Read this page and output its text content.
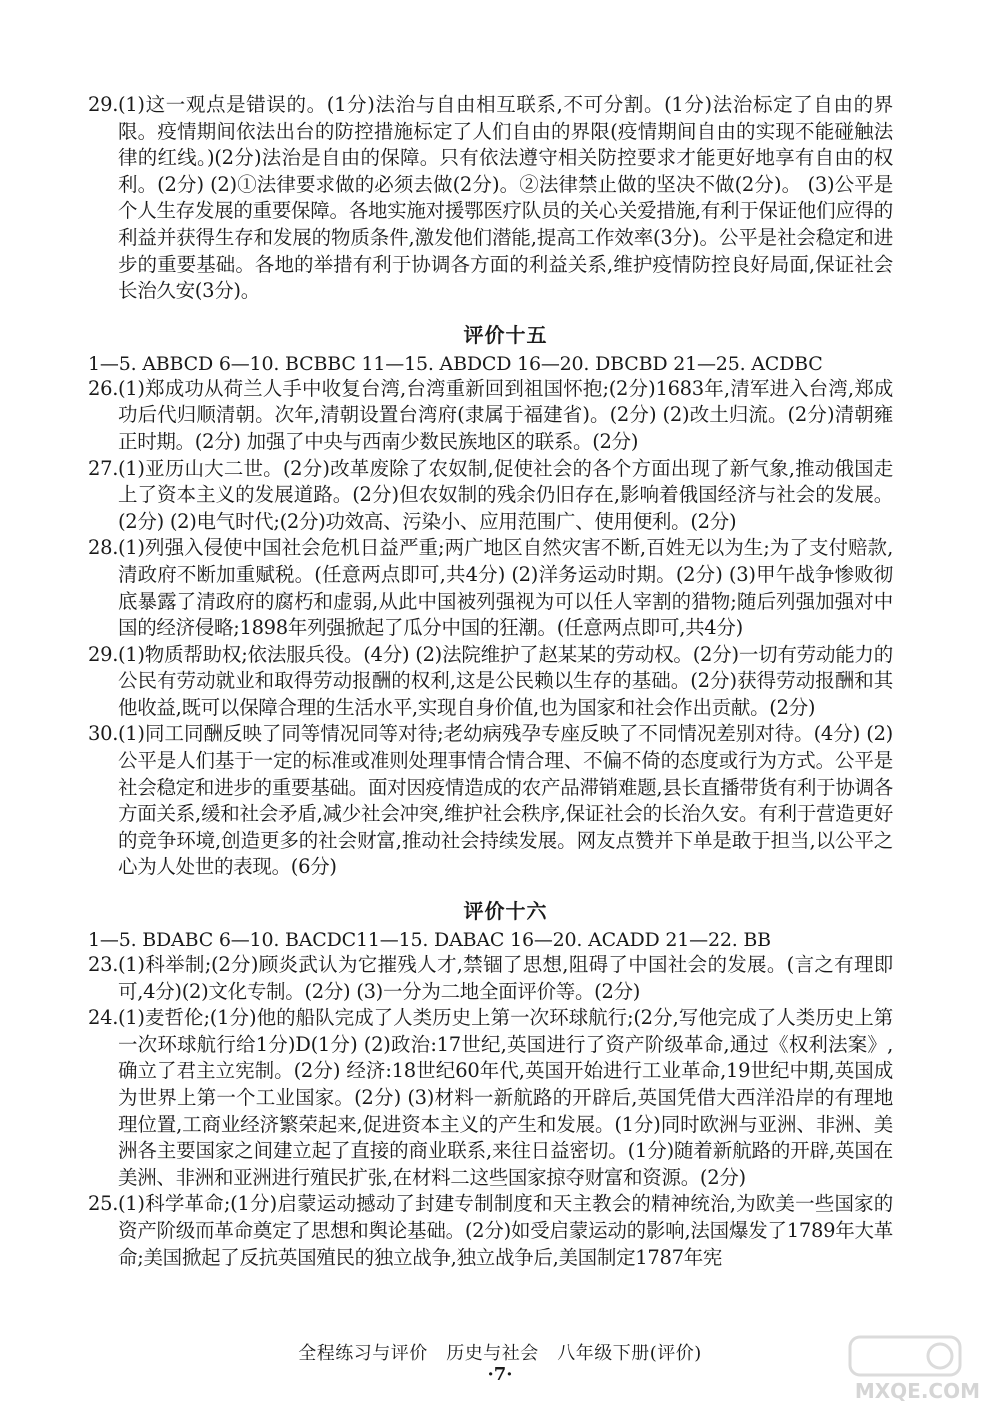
29. (1)这一观点是错误的。(1分)法治与自由相互联系,不可分割。(1分)法治标定了自由的界限。疫情期间依法出台的防控措施标定了人们自由的界限(疫情期间自由的实现不能碰触法律的红线。)(2分)法治是自由的保障。只有依法遵守相关防控要求才能更好地享有自由的权利。(2分) (2)①法律要求做的必须去做(2分)。②法律禁止做的坚决不做(2分)。 (3)公平是个人生存发展的重要保障。各地实施对援鄂医疗队员的关心关爱措施,有利于保证他们应得的利益并获得生存和发展的物质条件,激发他们潜能,提高工作效率(3分)。公平是社会稳定和进步的重要基础。各地的举措有利于协调各方面的利益关系,维护疫情防控良好局面,保证社会长治久安(3分)。
评价十五
1—5. ABBCD 6—10. BCBBC 11—15. ABDCD 16—20. DBCBD 21—25. ACDBC
26. (1)郑成功从荷兰人手中收复台湾,台湾重新回到祖国怀抱;(2分)1683年,清军进入台湾,郑成功后代归顺清朝。次年,清朝设置台湾府(隶属于福建省)。(2分) (2)改土归流。(2分)清朝雍正时期。(2分) 加强了中央与西南少数民族地区的联系。(2分)
27. (1)亚历山大二世。(2分)改革废除了农奴制,促使社会的各个方面出现了新气象,推动俄国走上了资本主义的发展道路。(2分)但农奴制的残余仍旧存在,影响着俄国经济与社会的发展。(2分) (2)电气时代;(2分)功效高、污染小、应用范围广、使用便利。(2分)
28. (1)列强入侵使中国社会危机日益严重;两广地区自然灾害不断,百姓无以为生;为了支付赔款,清政府不断加重赋税。(任意两点即可,共4分) (2)洋务运动时期。(2分) (3)甲午战争惨败彻底暴露了清政府的腐朽和虚弱,从此中国被列强视为可以任人宰割的猎物;随后列强加强对中国的经济侵略;1898年列强掀起了瓜分中国的狂潮。(任意两点即可,共4分)
29. (1)物质帮助权;依法服兵役。(4分) (2)法院维护了赵某某的劳动权。(2分)一切有劳动能力的公民有劳动就业和取得劳动报酬的权利,这是公民赖以生存的基础。(2分)获得劳动报酬和其他收益,既可以保障合理的生活水平,实现自身价值,也为国家和社会作出贡献。(2分)
30. (1)同工同酬反映了同等情况同等对待;老幼病残孕专座反映了不同情况差别对待。(4分) (2)公平是人们基于一定的标准或准则处理事情合情合理、不偏不倚的态度或行为方式。公平是社会稳定和进步的重要基础。面对因疫情造成的农产品滞销难题,县长直播带货有利于协调各方面关系,缓和社会矛盾,减少社会冲突,维护社会秩序,保证社会的长治久安。有利于营造更好的竞争环境,创造更多的社会财富,推动社会持续发展。网友点赞并下单是敢于担当,以公平之心为人处世的表现。(6分)
评价十六
1—5. BDABC 6—10. BACDC11—15. DABAC 16—20. ACADD 21—22. BB
23. (1)科举制;(2分)顾炎武认为它摧残人才,禁锢了思想,阻碍了中国社会的发展。(言之有理即可,4分)(2)文化专制。(2分) (3)一分为二地全面评价等。(2分)
24. (1)麦哲伦;(1分)他的船队完成了人类历史上第一次环球航行;(2分,写他完成了人类历史上第一次环球航行给1分)D(1分) (2)政治:17世纪,英国进行了资产阶级革命,通过《权利法案》,确立了君主立宪制。(2分) 经济:18世纪60年代,英国开始进行工业革命,19世纪中期,英国成为世界上第一个工业国家。(2分) (3)材料一新航路的开辟后,英国凭借大西洋沿岸的有理地理位置,工商业经济繁荣起来,促进资本主义的产生和发展。(1分)同时欧洲与亚洲、非洲、美洲各主要国家之间建立起了直接的商业联系,来往日益密切。(1分)随着新航路的开辟,英国在美洲、非洲和亚洲进行殖民扩张,在材料二这些国家掠夺财富和资源。(2分)
25. (1)科学革命;(1分)启蒙运动撼动了封建专制制度和天主教会的精神统治,为欧美一些国家的资产阶级而革命奠定了思想和舆论基础。(2分)如受启蒙运动的影响,法国爆发了1789年大革命;美国掀起了反抗英国殖民的独立战争,独立战争后,美国制定1787年宪
全程练习与评价　历史与社会　八年级下册(评价)
·7·
MXQE.COM
